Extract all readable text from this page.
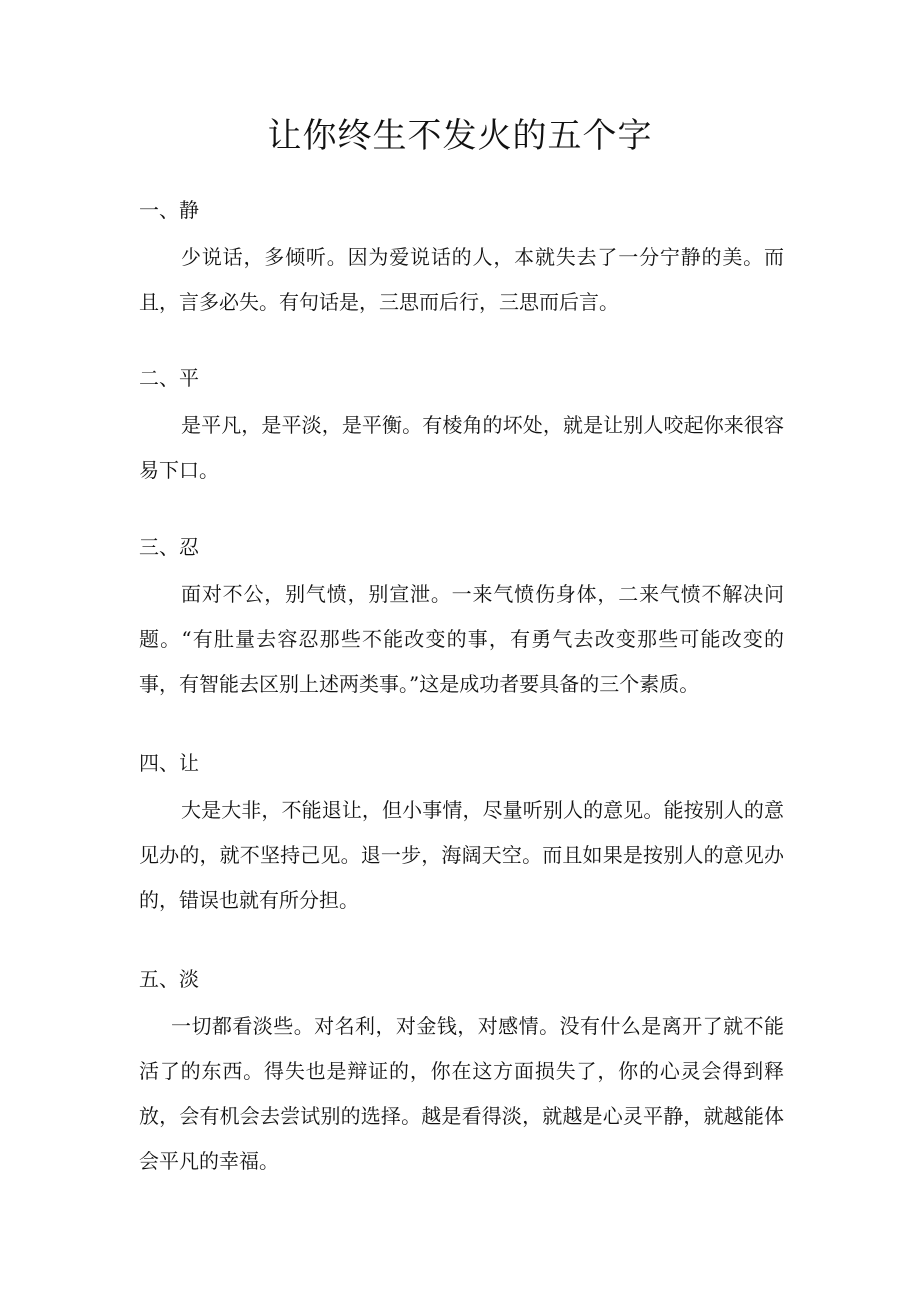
让你终生不发火的五个字
一、静

少说话，多倾听。因为爱说话的人，本就失去了一分宁静的美。而且，言多必失。有句话是，三思而后行，三思而后言。

二、平

是平凡，是平淡，是平衡。有棱角的坏处，就是让别人咬起你来很容易下口。

三、忍

面对不公，别气愤，别宣泄。一来气愤伤身体，二来气愤不解决问题。“有肚量去容忍那些不能改变的事，有勇气去改变那些可能改变的事，有智能去区别上述两类事。”这是成功者要具备的三个素质。

四、让

大是大非，不能退让，但小事情，尽量听别人的意见。能按别人的意见办的，就不坚持己见。退一步，海阔天空。而且如果是按别人的意见办的，错误也就有所分担。

五、淡

一切都看淡些。对名利，对金钱，对感情。没有什么是离开了就不能活了的东西。得失也是辩证的，你在这方面损失了，你的心灵会得到释放，会有机会去尝试别的选择。越是看得淡，就越是心灵平静，就越能体会平凡的幸福。
